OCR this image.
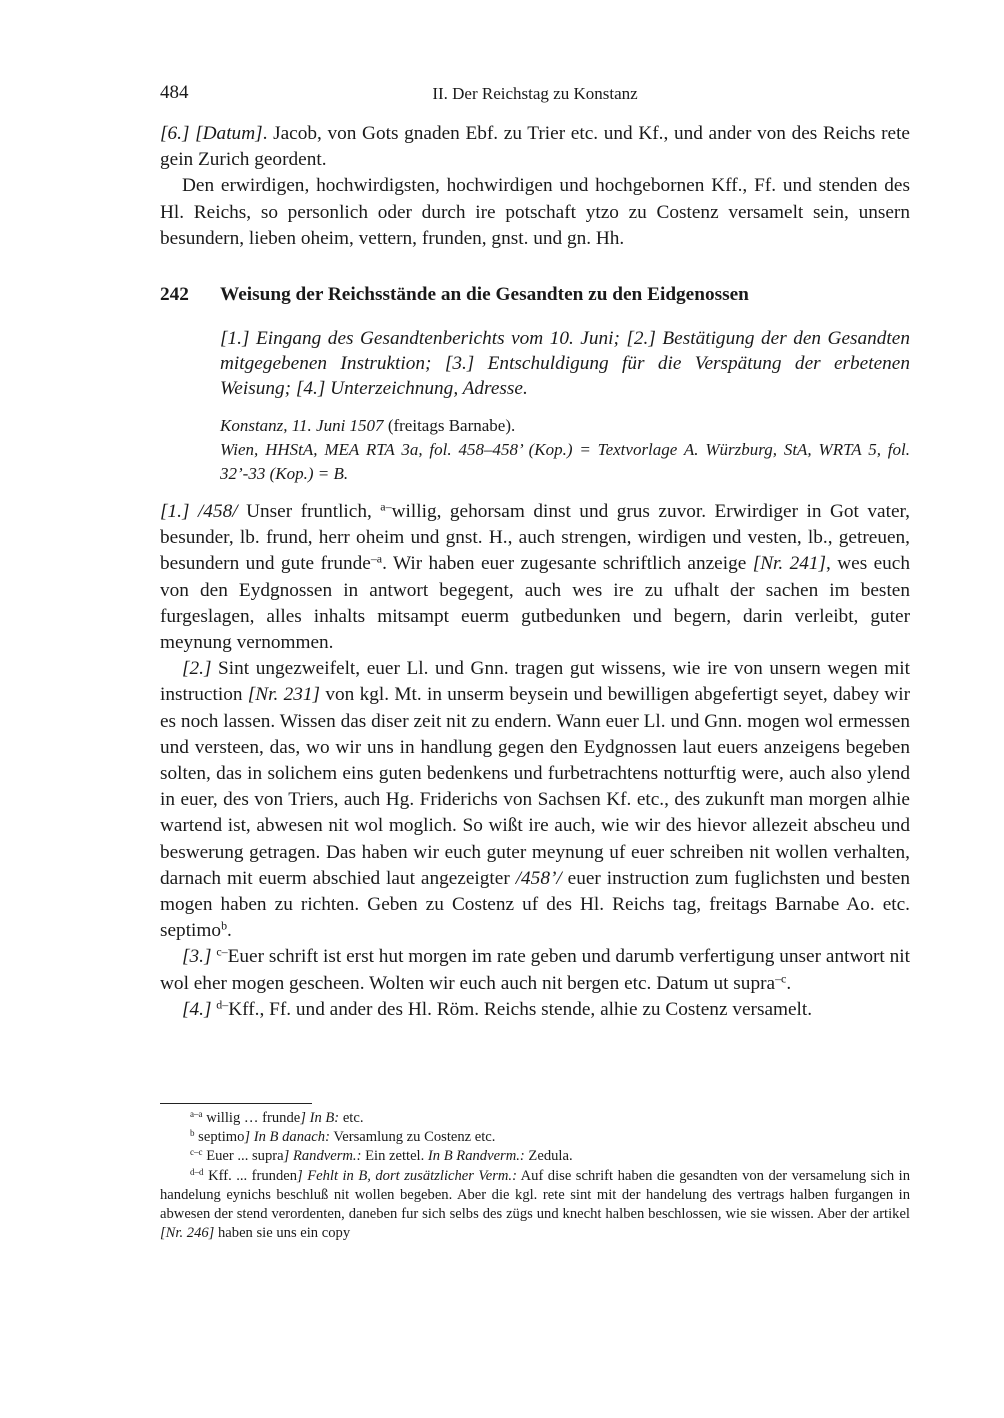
484	II. Der Reichstag zu Konstanz

[6.] [Datum]. Jacob, von Gots gnaden Ebf. zu Trier etc. und Kf., und ander von des Reichs rete gein Zurich geordent.

Den erwirdigen, hochwirdigsten, hochwirdigen und hochgebornen Kff., Ff. und stenden des Hl. Reichs, so personlich oder durch ire potschaft ytzo zu Costenz versamelt sein, unsern besundern, lieben oheim, vettern, frunden, gnst. und gn. Hh.

242 Weisung der Reichsstände an die Gesandten zu den Eidgenossen
[1.] Eingang des Gesandtenberichts vom 10. Juni; [2.] Bestätigung der den Gesandten mitgegebenen Instruktion; [3.] Entschuldigung für die Verspätung der erbetenen Weisung; [4.] Unterzeichnung, Adresse.
Konstanz, 11. Juni 1507 (freitags Barnabe).
Wien, HHStA, MEA RTA 3a, fol. 458–458’ (Kop.) = Textvorlage A. Würzburg, StA, WRTA 5, fol. 32’-33 (Kop.) = B.

[1.] /458/ Unser fruntlich, $^{a-}$willig, gehorsam dinst und grus zuvor. Erwirdiger in Got vater, besunder, lb. frund, herr oheim und gnst. H., auch strengen, wirdigen und vesten, lb., getreuen, besundern und gute frunde$^{-a}$. Wir haben euer zugesante schriftlich anzeige [Nr. 241], wes euch von den Eydgnossen in antwort begegent, auch wes ire zu ufhalt der sachen im besten furgeslagen, alles inhalts mitsampt euerm gutbedunken und begern, darin verleibt, guter meynung vernommen.

[2.] Sint ungezweifelt, euer Ll. und Gnn. tragen gut wissens, wie ire von unsern wegen mit instruction [Nr. 231] von kgl. Mt. in unserm beysein und bewilligen abgefertigt seyet, dabey wir es noch lassen. Wissen das diser zeit nit zu endern. Wann euer Ll. und Gnn. mogen wol ermessen und versteen, das, wo wir uns in handlung gegen den Eydgnossen laut euers anzeigens begeben solten, das in solichem eins guten bedenkens und furbetrachtens notturftig were, auch also ylend in euer, des von Triers, auch Hg. Friderichs von Sachsen Kf. etc., des zukunft man morgen alhie wartend ist, abwesen nit wol moglich. So wißt ire auch, wie wir des hievor allezeit abscheu und beswerung getragen. Das haben wir euch guter meynung uf euer schreiben nit wollen verhalten, darnach mit euerm abschied laut angezeigter /458’/ euer instruction zum fuglichsten und besten mogen haben zu richten. Geben zu Costenz uf des Hl. Reichs tag, freitags Barnabe Ao. etc. septimo$^b$.

[3.] $^{c-}$Euer schrift ist erst hut morgen im rate geben und darumb verfertigung unser antwort nit wol eher mogen gescheen. Wolten wir euch auch nit bergen etc. Datum ut supra$^{-c}$.

[4.] $^{d-}$Kff., Ff. und ander des Hl. Röm. Reichs stende, alhie zu Costenz versamelt.

$^{a-a}$ willig … frunde] In B: etc.

$^b$ septimo] In B danach: Versamlung zu Costenz etc.

$^{c-c}$ Euer ... supra] Randverm.: Ein zettel. In B Randverm.: Zedula.

$^{d-d}$ Kff. ... frunden] Fehlt in B, dort zusätzlicher Verm.: Auf dise schrift haben die gesandten von der versamelung sich in handelung eynichs beschluß nit wollen begeben. Aber die kgl. rete sint mit der handelung des vertrags halben furgangen in abwesen der stend verordenten, daneben fur sich selbs des zügs und knecht halben beschlossen, wie sie wissen. Aber der artikel [Nr. 246] haben sie uns ein copy
